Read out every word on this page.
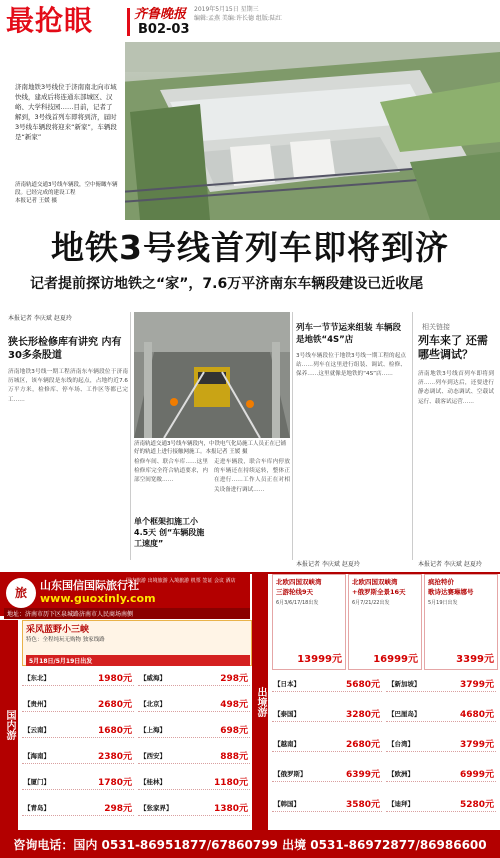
最抢眼	齐鲁晚报 2019年5月15日 星期三
编辑:孟燕 美编:许长德 组版:陆红
B02-03
济南地铁3号线位于济南南北向市域快线，建成后将连通东部城区、汉峪、大学科技园……目前，记者了解到，3号线首列车即将到济，届时3号线车辆段将迎来“新家”，车辆段是“新家”
济南轨道交通3号线车辆段，空中俯瞰车辆段。已经完成的建设工程
本报记者 王媛 摄
地铁3号线首列车即将到济
记者提前探访地铁之“家”，7.6万平济南东车辆段建设已近收尾
本报记者 李庆斌 赵夏玲
狭长形检修库有讲究 内有30多条股道
济南地铁3号线一期工程济南东车辆段位于济南历城区，该车辆段是东线的起点，占地约近7.6万平方米，检修库、停车场、工作区等都已完工……
济南轨道交通3号线车辆段内，中铁电气化局施工人员正在已铺好的轨道上进行接触网施工。本报记者 王媛 摄
检修车间、联合车库……这里检修库完全符合轨道要求，内部空间宽敞……
走进车辆段，联合车库内停放的车辆还在持续运转，整体正在进行……工作人员正在对相关设备进行调试……
单个框架扣施工小4.5天 创“车辆段施工速度”
列车一节节运来组装 车辆段是地铁“4S”店
3号线车辆段位于地铁3号线一期工程的起点站……列车在这里进行组装、调试、检修、保养……这里就像是地铁的“4S”店……
本报记者 李庆斌 赵夏玲
相关链接
列车来了 还需哪些调试？
济南地铁3号线首列车即将到济……列车到达后，还要进行静态调试、动态调试、空载试运行、载客试运营……
本报记者 李庆斌 赵夏玲
旅
山东国信国际旅行社
www.guoxinly.com
国内旅游 出境旅游 入境旅游 机票 签证 会议 酒店
地址：济南市历下区泉城路济南市人民商场南侧
国内游
采风蓝野小三峡
特色：全程纯玩无购物 独家线路
5月18日/5月19日出发
【东北】	1980元
【贵州】	2680元
【云南】	1680元
【海南】	2380元
【厦门】	1780元
【青岛】	298元
【威海】	298元
【北京】	498元
【上海】	698元
【西安】	888元
【桂林】	1180元
【张家界】	1380元
出境游
北欧四国双峡湾
三游轮线9天
6月3/6/17/18出发
13999元
北欧四国双峡湾
+俄罗斯全景16天
6月7/21/22出发
16999元
疯抢特价
歌诗达赛琳娜号
5月19日出发
3399元
【日本】	5680元
【泰国】	3280元
【越南】	2680元
【俄罗斯】	6399元
【韩国】	3580元
【新加坡】	3799元
【巴厘岛】	4680元
【台湾】	3799元
【欧洲】	6999元
【迪拜】	5280元
咨询电话：国内 0531-86951877/67860799 出境 0531-86972877/86986600
